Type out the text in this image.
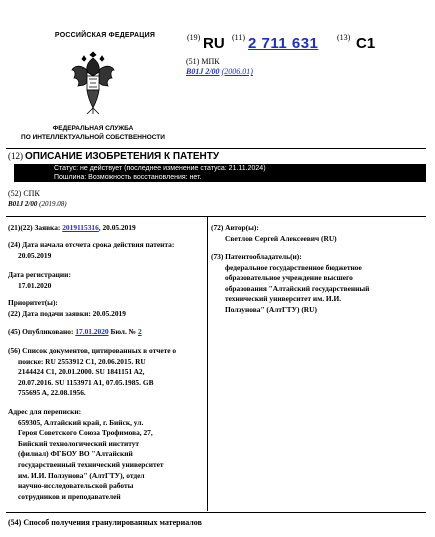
РОССИЙСКАЯ ФЕДЕРАЦИЯ
ФЕДЕРАЛЬНАЯ СЛУЖБА
ПО ИНТЕЛЛЕКТУАЛЬНОЙ СОБСТВЕННОСТИ
(19) RU (11) 2 711 631 (13) C1
(51) МПК
B01J 2/00 (2006.01)
(12) ОПИСАНИЕ ИЗОБРЕТЕНИЯ К ПАТЕНТУ
Статус: не действует (последнее изменение статуса: 21.11.2024)
Пошлина: Возможность восстановления: нет.
(52) СПК
B01J 2/00 (2019.08)
(21)(22) Заявка: 2019115316, 20.05.2019
(24) Дата начала отсчета срока действия патента:
20.05.2019
Дата регистрации:
17.01.2020
Приоритет(ы):
(22) Дата подачи заявки: 20.05.2019
(45) Опубликовано: 17.01.2020 Бюл. № 2
(56) Список документов, цитированных в отчете о
поиске: RU 2553912 C1, 20.06.2015. RU
2144424 C1, 20.01.2000. SU 1841151 A2,
20.07.2016. SU 1153971 A1, 07.05.1985. GB
755695 A, 22.08.1956.
Адрес для переписки:
659305, Алтайский край, г. Бийск, ул.
Героя Советского Союза Трофимова, 27,
Бийский технологический институт
(филиал) ФГБОУ ВО "Алтайский
государственный технический университет
им. И.И. Ползунова" (АлтГТУ), отдел
научно-исследовательской работы
сотрудников и преподавателей
(72) Автор(ы):
Светлов Сергей Алексеевич (RU)
(73) Патентообладатель(и):
федеральное государственное бюджетное
образовательное учреждение высшего
образования "Алтайский государственный
технический университет им. И.И.
Ползунова" (АлтГТУ) (RU)
(54) Способ получения гранулированных материалов
